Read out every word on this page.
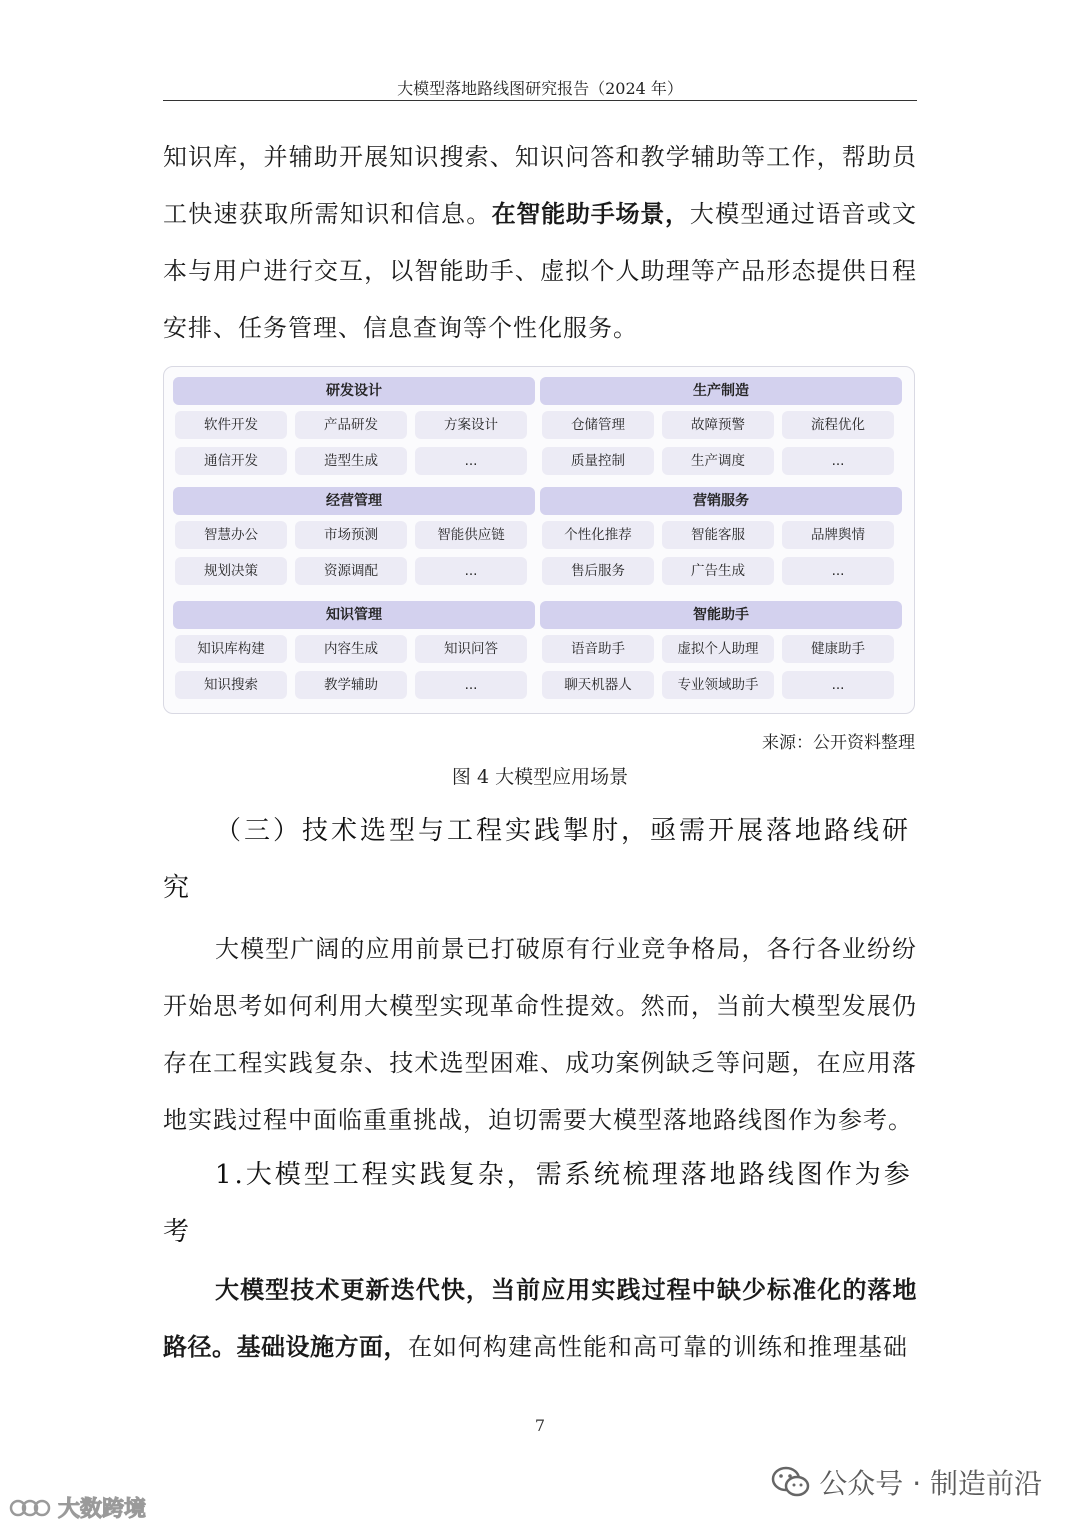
大模型落地路线图研究报告（2024 年）

知识库，并辅助开展知识搜索、知识问答和教学辅助等工作，帮助员工快速获取所需知识和信息。在智能助手场景，大模型通过语音或文本与用户进行交互，以智能助手、虚拟个人助理等产品形态提供日程安排、任务管理、信息查询等个性化服务。

研发设计
软件开发	产品研发	方案设计
通信开发	造型生成	...
经营管理
智慧办公	市场预测	智能供应链
规划决策	资源调配	...
知识管理
知识库构建	内容生成	知识问答
知识搜索	教学辅助	...
生产制造
仓储管理	故障预警	流程优化
质量控制	生产调度	...
营销服务
个性化推荐	智能客服	品牌舆情
售后服务	广告生成	...
智能助手
语音助手	虚拟个人助理	健康助手
聊天机器人	专业领域助手	...
来源：公开资料整理
图 4 大模型应用场景

（三）技术选型与工程实践掣肘，亟需开展落地路线研究

大模型广阔的应用前景已打破原有行业竞争格局，各行各业纷纷开始思考如何利用大模型实现革命性提效。然而，当前大模型发展仍存在工程实践复杂、技术选型困难、成功案例缺乏等问题，在应用落地实践过程中面临重重挑战，迫切需要大模型落地路线图作为参考。

1.大模型工程实践复杂，需系统梳理落地路线图作为参考

大模型技术更新迭代快，当前应用实践过程中缺少标准化的落地路径。基础设施方面，在如何构建高性能和高可靠的训练和推理基础

7
公众号 · 制造前沿
大数跨境
